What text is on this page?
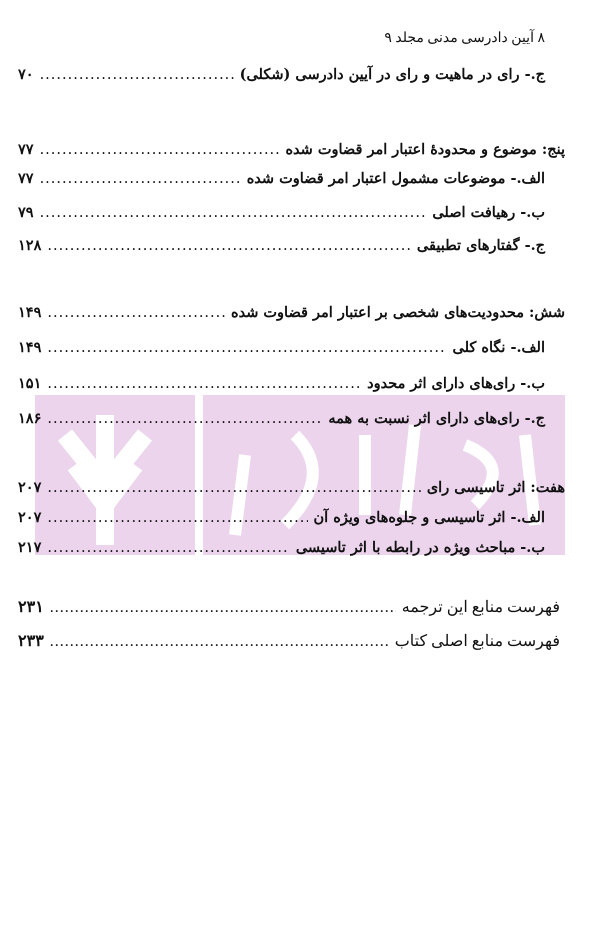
۸ آیین دادرسی مدنی مجلد ۹
ج.- رای در ماهیت و رای در آیین دادرسی (شکلی)
.....
۷۰
پنج: موضوع و محدودهٔ اعتبار امر قضاوت شده
.....
۷۷
الف.- موضوعات مشمول اعتبار امر قضاوت شده
.....
۷۷
ب.- رهیافت اصلی
.....
۷۹
ج.- گفتارهای تطبیقی
.....
۱۲۸
شش: محدودیت‌های شخصی بر اعتبار امر قضاوت شده
.....
۱۴۹
الف.- نگاه کلی
.....
۱۴۹
ب.- رای‌های دارای اثر محدود
.....
۱۵۱
ج.- رای‌های دارای اثر نسبت به همه
.....
۱۸۶
هفت: اثر تاسیسی رای
.....
۲۰۷
الف.- اثر تاسیسی و جلوه‌های ویژه آن
.....
۲۰۷
ب.- مباحث ویژه در رابطه با اثر تاسیسی
.....
۲۱۷
فهرست منابع این ترجمه
.....
۲۳۱
فهرست منابع اصلی کتاب
.....
۲۳۳
